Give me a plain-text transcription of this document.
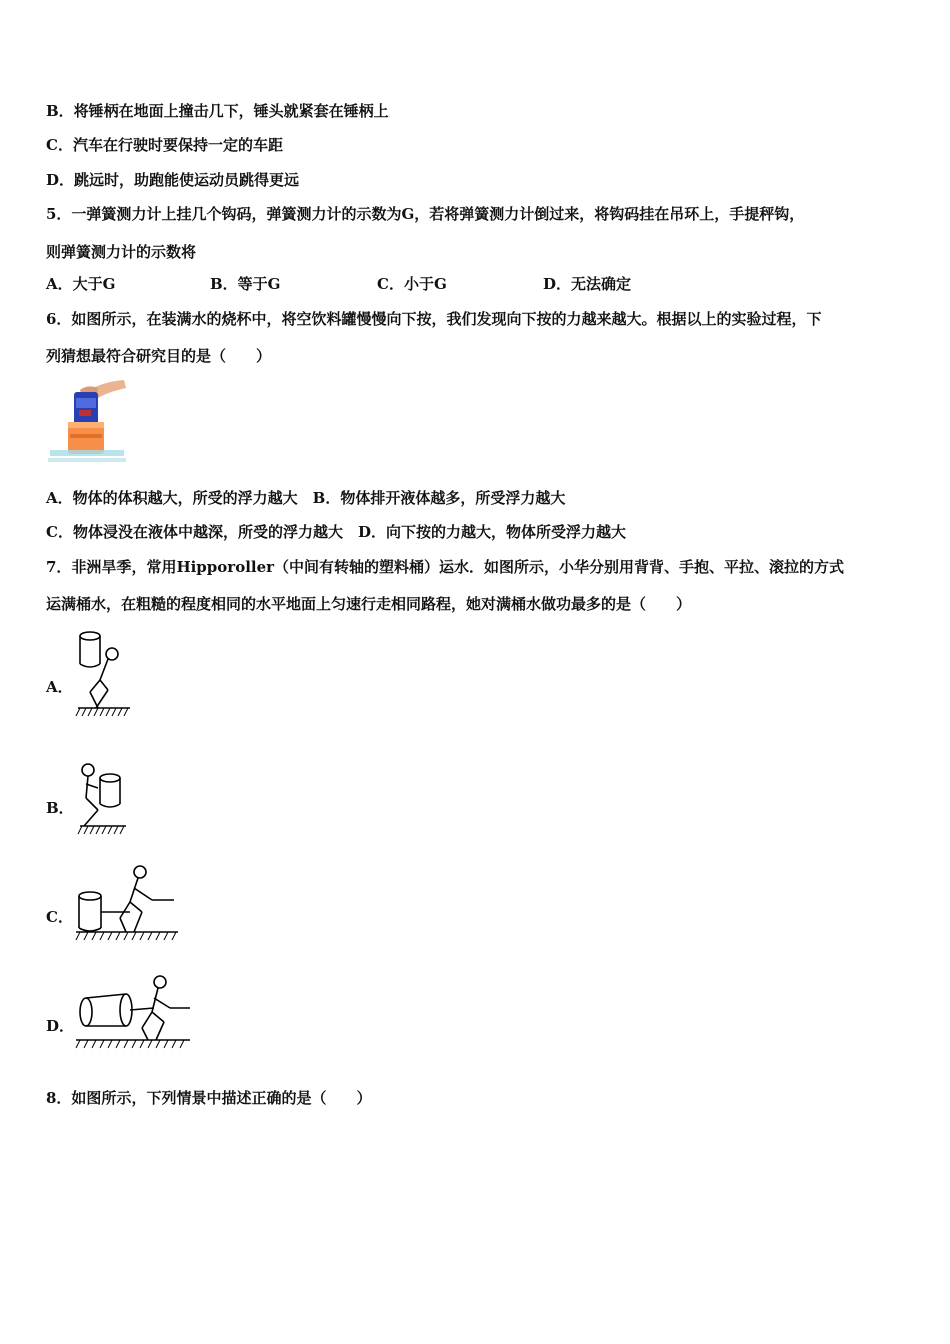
B．将锤柄在地面上撞击几下，锤头就紧套在锤柄上
C．汽车在行驶时要保持一定的车距
D．跳远时，助跑能使运动员跳得更远
5．一弹簧测力计上挂几个钩码，弹簧测力计的示数为G，若将弹簧测力计倒过来，将钩码挂在吊环上，手提秤钩，
则弹簧测力计的示数将
A．大于G	B．等于G	C．小于G	D．无法确定
6．如图所示，在装满水的烧杯中，将空饮料罐慢慢向下按，我们发现向下按的力越来越大。根据以上的实验过程，下
列猜想最符合研究目的是（　　）
A．物体的体积越大，所受的浮力越大　B．物体排开液体越多，所受浮力越大
C．物体浸没在液体中越深，所受的浮力越大　D．向下按的力越大，物体所受浮力越大
7．非洲旱季，常用Hipporoller（中间有转轴的塑料桶）运水．如图所示，小华分别用背背、手抱、平拉、滚拉的方式
运满桶水，在粗糙的程度相同的水平地面上匀速行走相同路程，她对满桶水做功最多的是（　　）
A．
B．
C．
D．
8．如图所示，下列情景中描述正确的是（　　）
